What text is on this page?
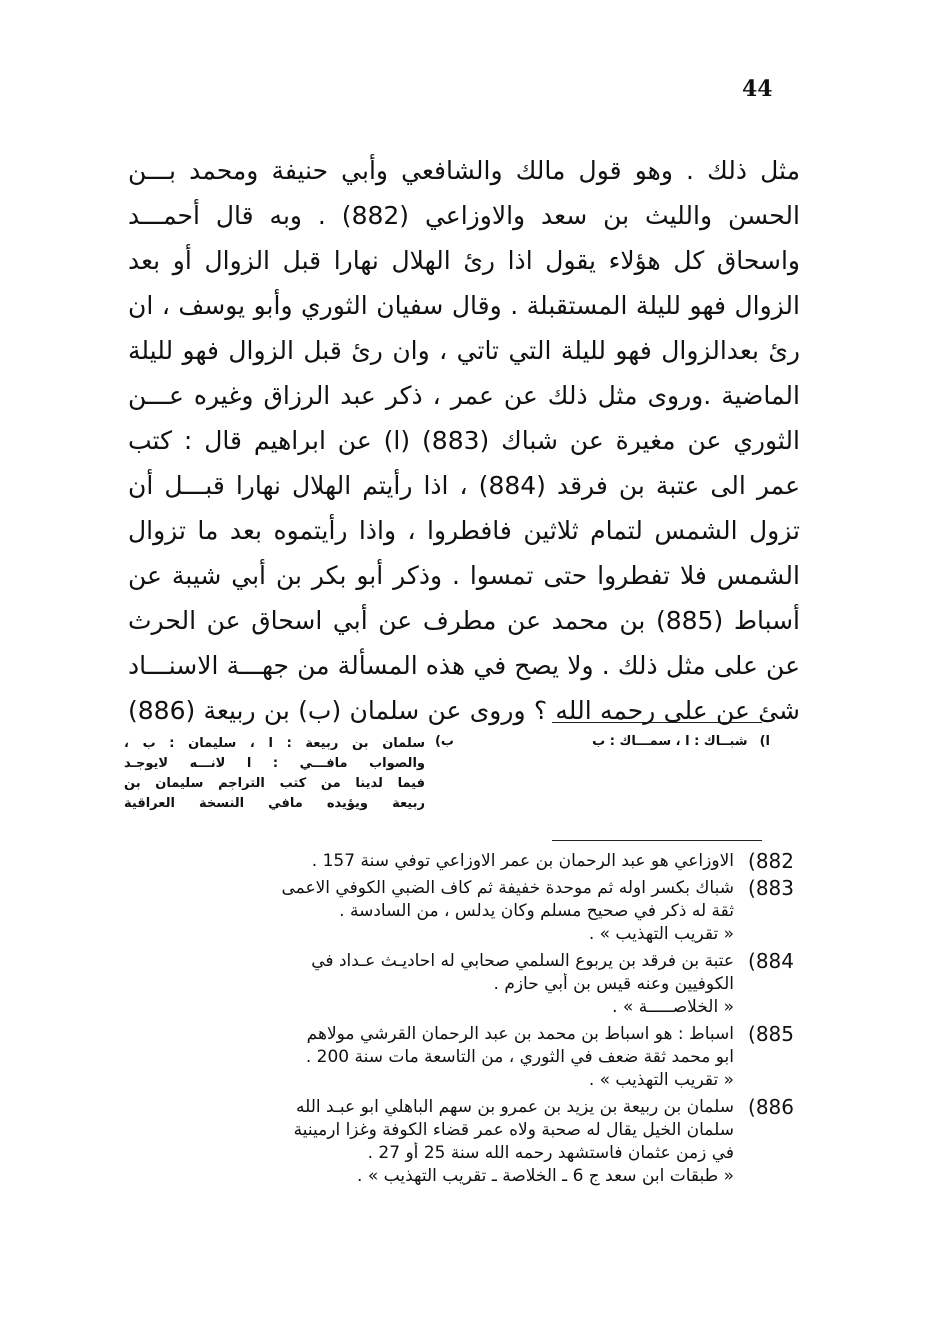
44
مثل ذلك . وهو قول مالك والشافعي وأبي حنيفة ومحمد بـــن
الحسن والليث بن سعد والاوزاعي (882) . وبه قال أحمـــد
واسحاق كل هؤلاء يقول اذا رئ الهلال نهارا قبل الزوال أو بعد
الزوال فهو لليلة المستقبلة . وقال سفيان الثوري وأبو يوسف ، ان
رئ بعدالزوال فهو لليلة التي تاتي ، وان رئ قبل الزوال فهو لليلة
الماضية .وروى مثل ذلك عن عمر ، ذكر عبد الرزاق وغيره عـــن
الثوري عن مغيرة عن شباك (883) (ا) عن ابراهيم قال : كتب
عمر الى عتبة بن فرقد (884) ، اذا رأيتم الهلال نهارا قبـــل أن
تزول الشمس لتمام ثلاثين فافطروا ، واذا رأيتموه بعد ما تزوال
الشمس فلا تفطروا حتى تمسوا . وذكر أبو بكر بن أبي شيبة عن
أسباط (885) بن محمد عن مطرف عن أبي اسحاق عن الحرث
عن على مثل ذلك . ولا يصح في هذه المسألة من جهـــة الاسنـــاد
شئ عن على رحمه الله ؟ وروى عن سلمان (ب) بن ربيعة (886)
ا)
شبــاك : ا ، سمـــاك : ب
ب)
سلمان بن ربيعة : ا ، سليمان : ب ،
والصواب مافـــي : ا لانـــه لايوجـد
فيما لدينا من كتب التراجم سليمان بن
ربيعة ويؤيده مافي النسخة العراقية
(882
الاوزاعي هو عبد الرحمان بن عمر الاوزاعي توفي سنة 157 .
(883
شباك بكسر اوله ثم موحدة خفيفة ثم كاف الضبي الكوفي الاعمى
ثقة له ذكر في صحيح مسلم وكان يدلس ، من السادسة .
« تقريب التهذيب » .
(884
عتبة بن فرقد بن يربوع السلمي صحابي له احاديـث عـداد في
الكوفيين وعنه قيس بن أبي حازم .
« الخلاصـــــة » .
(885
اسباط : هو اسباط بن محمد بن عبد الرحمان القرشي مولاهم
ابو محمد ثقة ضعف في الثوري ، من التاسعة مات سنة 200 .
« تقريب التهذيب » .
(886
سلمان بن ربيعة بن يزيد بن عمرو بن سهم الباهلي ابو عبـد الله
سلمان الخيل يقال له صحبة ولاه عمر قضاء الكوفة وغزا ارمينية
في زمن عثمان فاستشهد رحمه الله سنة 25 أو 27 .
« طبقات ابن سعد ج 6 ـ الخلاصة ـ تقريب التهذيب » .
